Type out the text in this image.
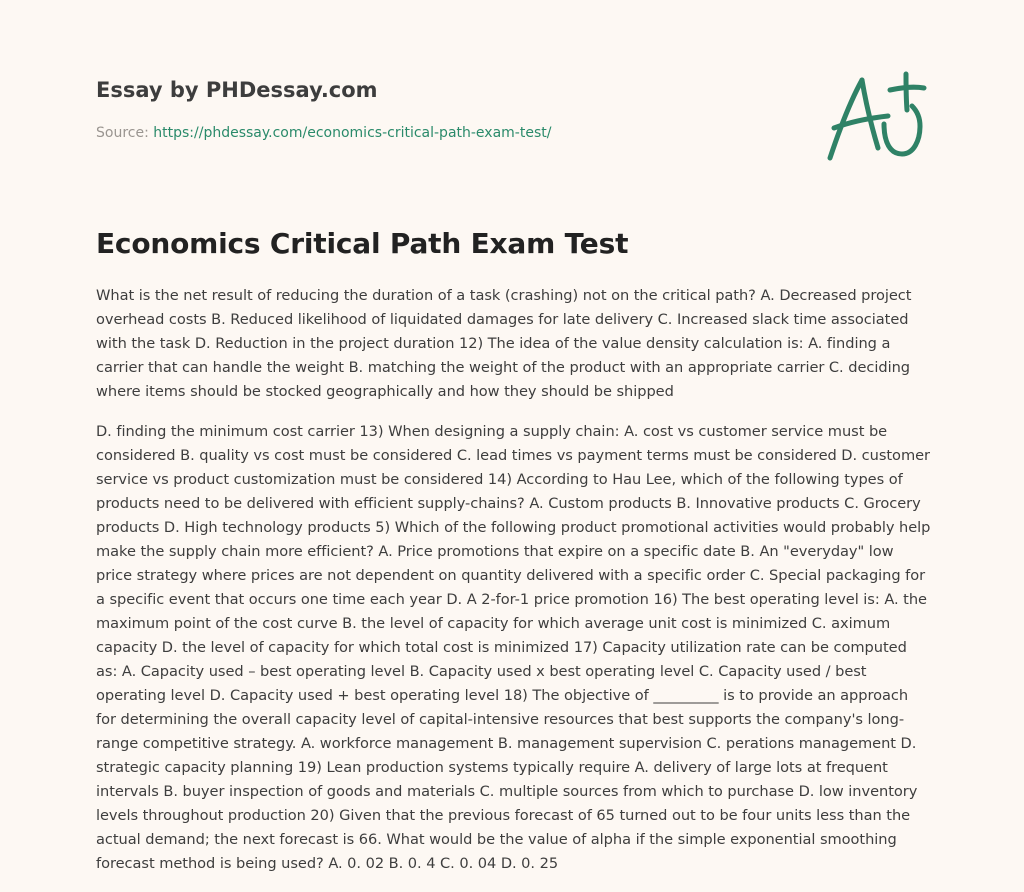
Essay by PHDessay.com
Source: https://phdessay.com/economics-critical-path-exam-test/
Economics Critical Path Exam Test

What is the net result of reducing the duration of a task (crashing) not on the critical path? A. Decreased project overhead costs B. Reduced likelihood of liquidated damages for late delivery C. Increased slack time associated with the task D. Reduction in the project duration 12) The idea of the value density calculation is: A. finding a carrier that can handle the weight B. matching the weight of the product with an appropriate carrier C. deciding where items should be stocked geographically and how they should be shipped

D. finding the minimum cost carrier 13) When designing a supply chain: A. cost vs customer service must be considered B. quality vs cost must be considered C. lead times vs payment terms must be considered D. customer service vs product customization must be considered 14) According to Hau Lee, which of the following types of products need to be delivered with efficient supply-chains? A. Custom products B. Innovative products C. Grocery products D. High technology products 5) Which of the following product promotional activities would probably help make the supply chain more efficient? A. Price promotions that expire on a specific date B. An "everyday" low price strategy where prices are not dependent on quantity delivered with a specific order C. Special packaging for a specific event that occurs one time each year D. A 2-for-1 price promotion 16) The best operating level is: A. the maximum point of the cost curve B. the level of capacity for which average unit cost is minimized C. aximum capacity D. the level of capacity for which total cost is minimized 17) Capacity utilization rate can be computed as: A. Capacity used – best operating level B. Capacity used x best operating level C. Capacity used / best operating level D. Capacity used + best operating level 18) The objective of _________ is to provide an approach for determining the overall capacity level of capital-intensive resources that best supports the company's long-range competitive strategy. A. workforce management B. management supervision C. perations management D. strategic capacity planning 19) Lean production systems typically require A. delivery of large lots at frequent intervals B. buyer inspection of goods and materials C. multiple sources from which to purchase D. low inventory levels throughout production 20) Given that the previous forecast of 65 turned out to be four units less than the actual demand; the next forecast is 66. What would be the value of alpha if the simple exponential smoothing forecast method is being used? A. 0. 02 B. 0. 4 C. 0. 04 D. 0. 25
